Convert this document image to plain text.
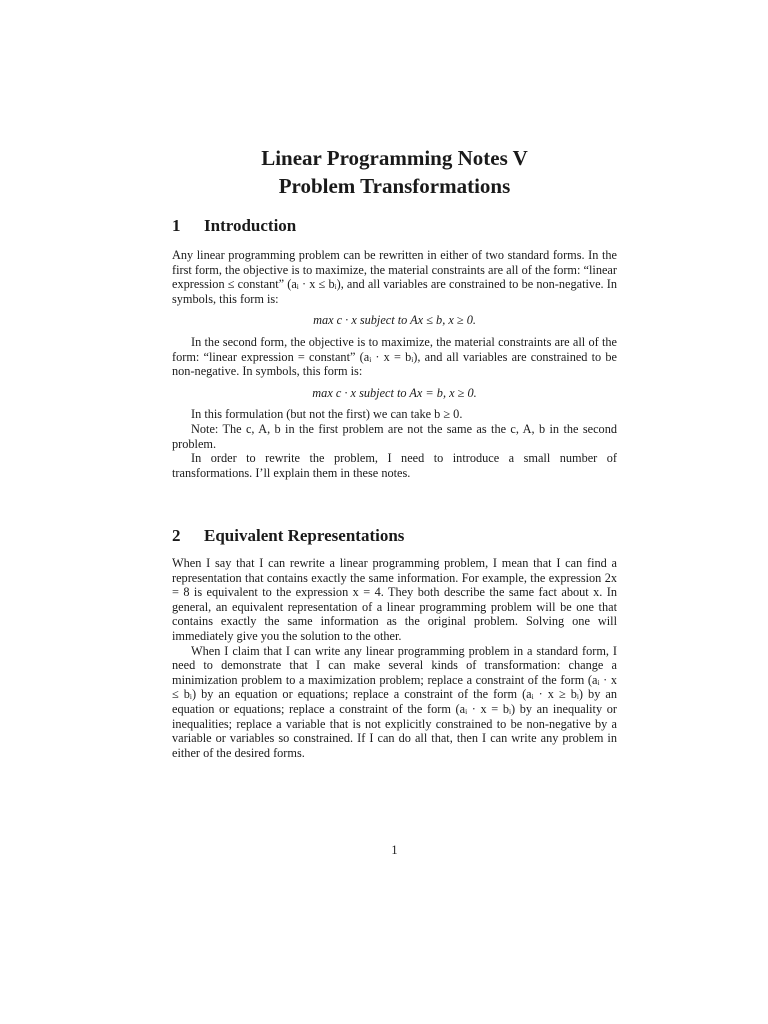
Linear Programming Notes V

Problem Transformations

1 Introduction

Any linear programming problem can be rewritten in either of two standard forms. In the first form, the objective is to maximize, the material constraints are all of the form: “linear expression ≤ constant” (aᵢ · x ≤ bᵢ), and all variables are constrained to be non-negative. In symbols, this form is:

max c · x subject to Ax ≤ b, x ≥ 0.

In the second form, the objective is to maximize, the material constraints are all of the form: “linear expression = constant” (aᵢ · x = bᵢ), and all variables are constrained to be non-negative. In symbols, this form is:

max c · x subject to Ax = b, x ≥ 0.

In this formulation (but not the first) we can take b ≥ 0.

Note: The c, A, b in the first problem are not the same as the c, A, b in the second problem.

In order to rewrite the problem, I need to introduce a small number of transformations. I’ll explain them in these notes.

2 Equivalent Representations

When I say that I can rewrite a linear programming problem, I mean that I can find a representation that contains exactly the same information. For example, the expression 2x = 8 is equivalent to the expression x = 4. They both describe the same fact about x. In general, an equivalent representation of a linear programming problem will be one that contains exactly the same information as the original problem. Solving one will immediately give you the solution to the other.

When I claim that I can write any linear programming problem in a standard form, I need to demonstrate that I can make several kinds of transformation: change a minimization problem to a maximization problem; replace a constraint of the form (aᵢ · x ≤ bᵢ) by an equation or equations; replace a constraint of the form (aᵢ · x ≥ bᵢ) by an equation or equations; replace a constraint of the form (aᵢ · x = bᵢ) by an inequality or inequalities; replace a variable that is not explicitly constrained to be non-negative by a variable or variables so constrained. If I can do all that, then I can write any problem in either of the desired forms.

1
